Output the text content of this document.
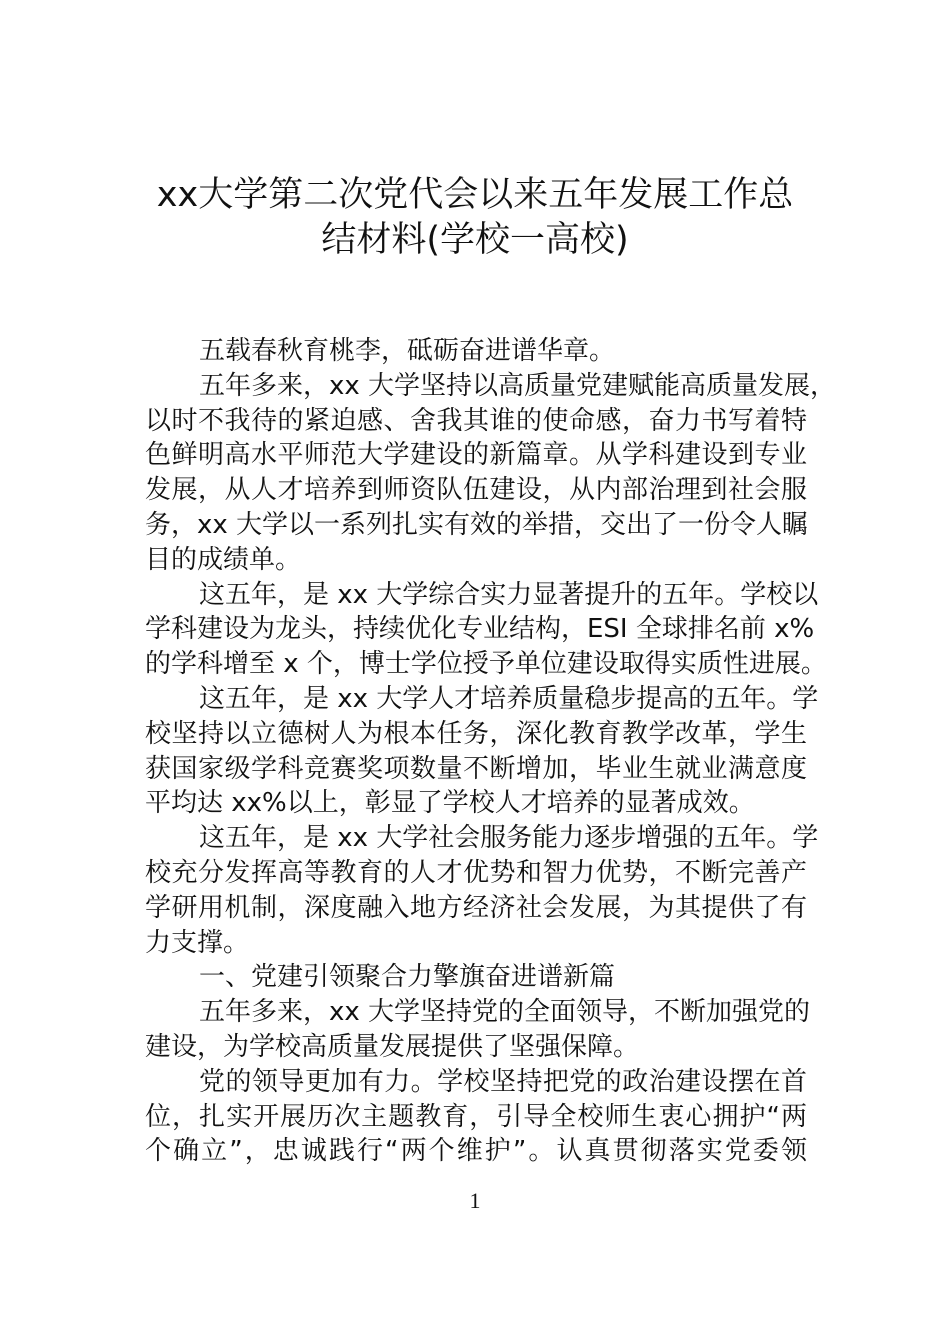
xx大学第二次党代会以来五年发展工作总
结材料(学校一高校)
五载春秋育桃李，砥砺奋进谱华章。
五年多来，xx 大学坚持以高质量党建赋能高质量发展，
以时不我待的紧迫感、舍我其谁的使命感，奋力书写着特
色鲜明高水平师范大学建设的新篇章。从学科建设到专业
发展，从人才培养到师资队伍建设，从内部治理到社会服
务，xx 大学以一系列扎实有效的举措，交出了一份令人瞩
目的成绩单。
这五年，是 xx 大学综合实力显著提升的五年。学校以
学科建设为龙头，持续优化专业结构，ESI 全球排名前 x%
的学科增至 x 个，博士学位授予单位建设取得实质性进展。
这五年，是 xx 大学人才培养质量稳步提高的五年。学
校坚持以立德树人为根本任务，深化教育教学改革，学生
获国家级学科竞赛奖项数量不断增加，毕业生就业满意度
平均达 xx%以上，彰显了学校人才培养的显著成效。
这五年，是 xx 大学社会服务能力逐步增强的五年。学
校充分发挥高等教育的人才优势和智力优势，不断完善产
学研用机制，深度融入地方经济社会发展，为其提供了有
力支撑。
一、党建引领聚合力擎旗奋进谱新篇
五年多来，xx 大学坚持党的全面领导，不断加强党的
建设，为学校高质量发展提供了坚强保障。
党的领导更加有力。学校坚持把党的政治建设摆在首
位，扎实开展历次主题教育，引导全校师生衷心拥护“两
个确立”，忠诚践行“两个维护”。认真贯彻落实党委领
1
